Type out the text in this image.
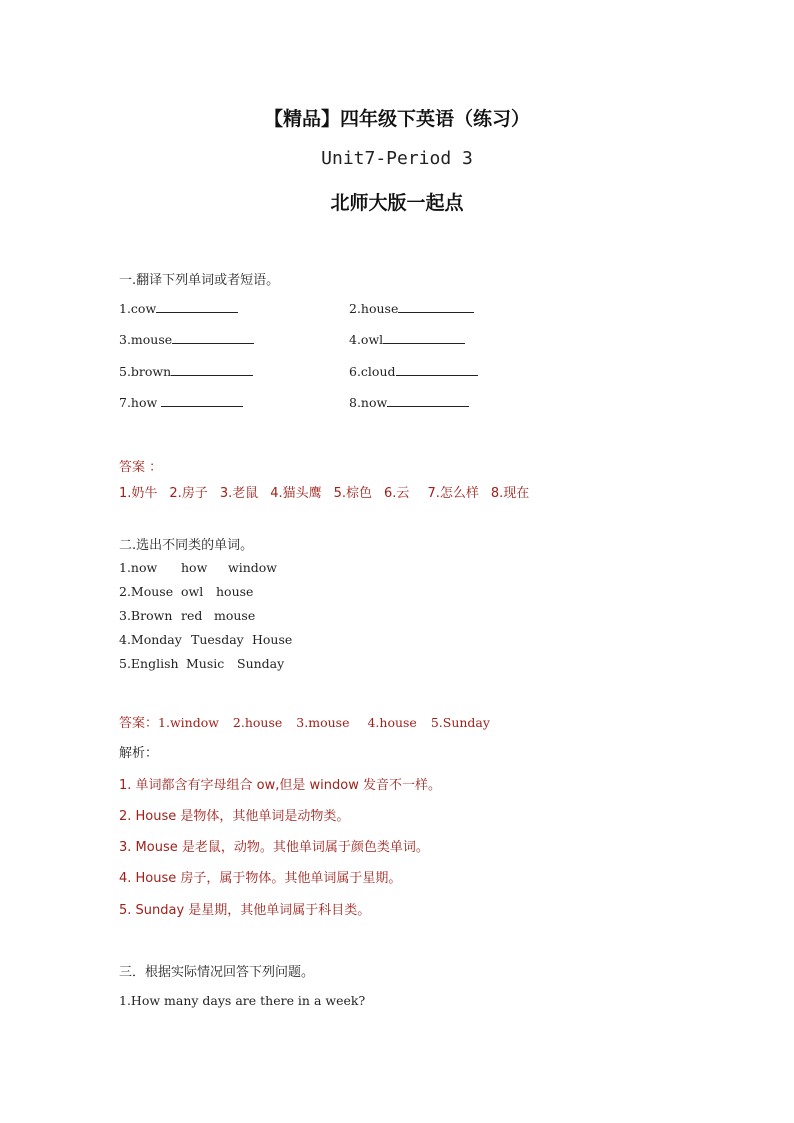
【精品】四年级下英语（练习）
Unit7-Period 3
北师大版一起点
一.翻译下列单词或者短语。
1.cow	2.house
3.mouse	4.owl
5.brown	6.cloud
7.how	8.now
答案 ：
1.奶牛 2.房子 3.老鼠 4.猫头鹰 5.棕色 6.云 7.怎么样 8.现在
二.选出不同类的单词。
1.now how window
2.Mouse owl house
3.Brown red mouse
4.Monday Tuesday House
5.English Music Sunday
答案：1.window 2.house 3.mouse 4.house 5.Sunday
解析：
1. 单词都含有字母组合 ow,但是 window 发音不一样。
2. House 是物体，其他单词是动物类。
3. Mouse 是老鼠，动物。其他单词属于颜色类单词。
4. House 房子，属于物体。其他单词属于星期。
5. Sunday 是星期，其他单词属于科目类。
三．根据实际情况回答下列问题。
1.How many days are there in a week?
